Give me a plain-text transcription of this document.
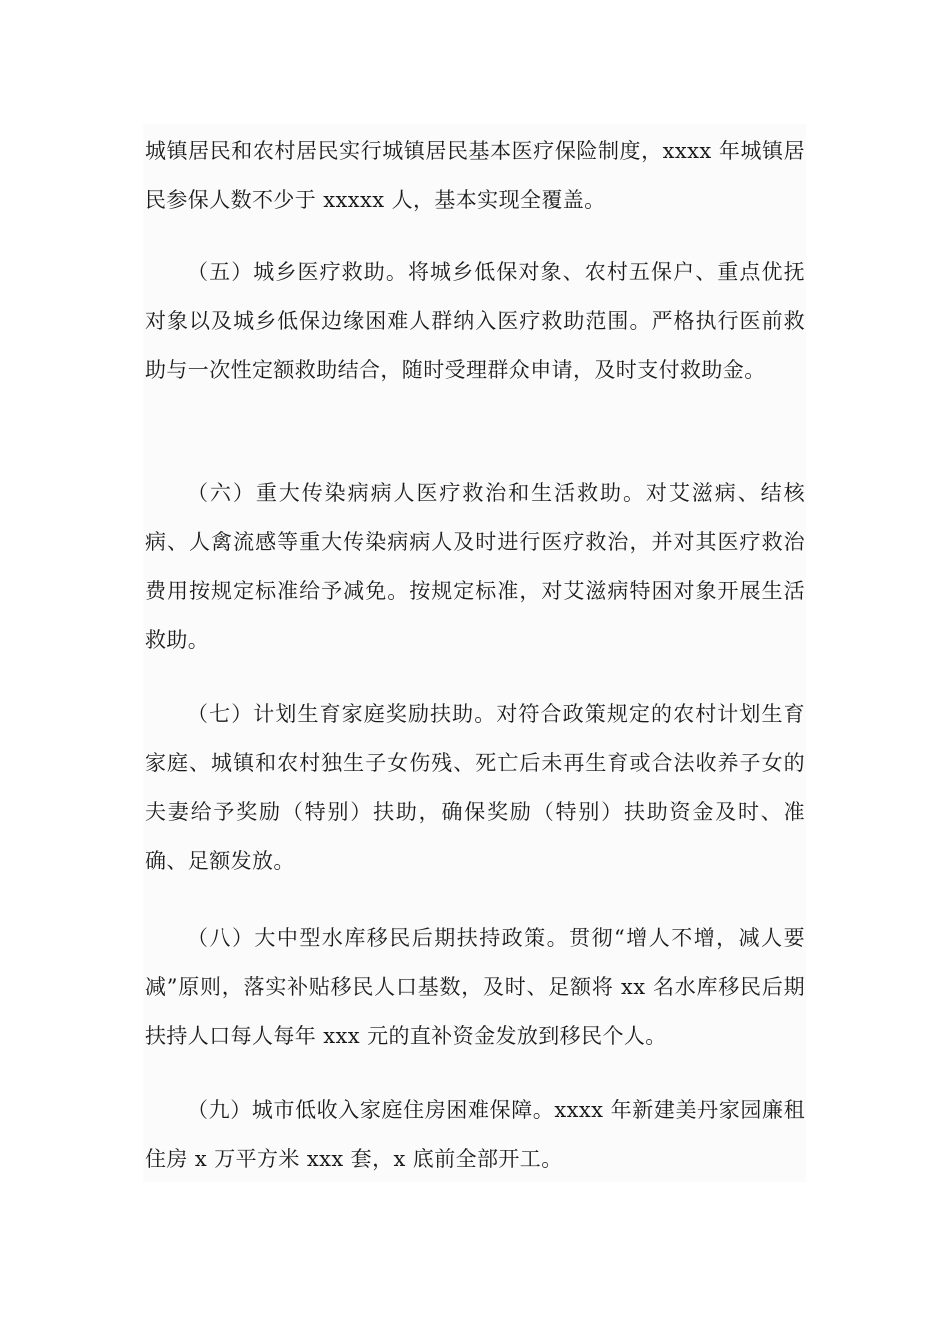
城镇居民和农村居民实行城镇居民基本医疗保险制度，xxxx 年城镇居民参保人数不少于 xxxxx 人，基本实现全覆盖。

（五）城乡医疗救助。将城乡低保对象、农村五保户、重点优抚对象以及城乡低保边缘困难人群纳入医疗救助范围。严格执行医前救助与一次性定额救助结合，随时受理群众申请，及时支付救助金。

（六）重大传染病病人医疗救治和生活救助。对艾滋病、结核病、人禽流感等重大传染病病人及时进行医疗救治，并对其医疗救治费用按规定标准给予减免。按规定标准，对艾滋病特困对象开展生活救助。

（七）计划生育家庭奖励扶助。对符合政策规定的农村计划生育家庭、城镇和农村独生子女伤残、死亡后未再生育或合法收养子女的夫妻给予奖励（特别）扶助，确保奖励（特别）扶助资金及时、准确、足额发放。

（八）大中型水库移民后期扶持政策。贯彻“增人不增，减人要减”原则，落实补贴移民人口基数，及时、足额将 xx 名水库移民后期扶持人口每人每年 xxx 元的直补资金发放到移民个人。

（九）城市低收入家庭住房困难保障。xxxx 年新建美丹家园廉租住房 x 万平方米 xxx 套，x 底前全部开工。
